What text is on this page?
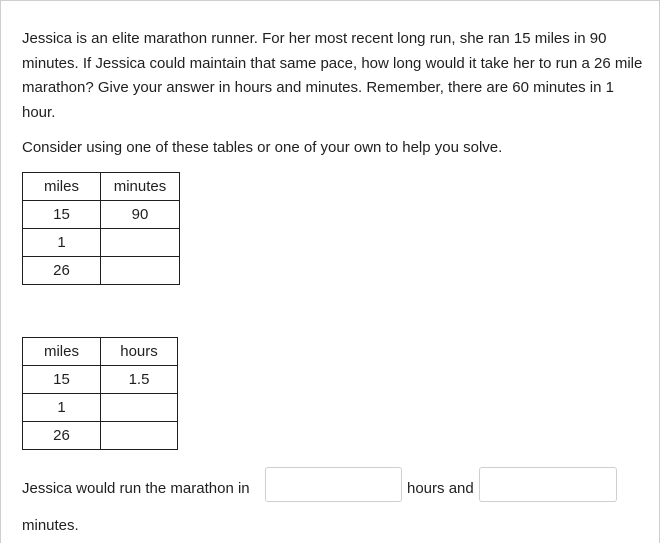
Jessica is an elite marathon runner. For her most recent long run, she ran 15 miles in 90 minutes. If Jessica could maintain that same pace, how long would it take her to run a 26 mile marathon? Give your answer in hours and minutes. Remember, there are 60 minutes in 1 hour.

Consider using one of these tables or one of your own to help you solve.

miles	minutes
15	90
1	
26	
miles	hours
15	1.5
1	
26	
Jessica would run the marathon in	hours and
minutes.
